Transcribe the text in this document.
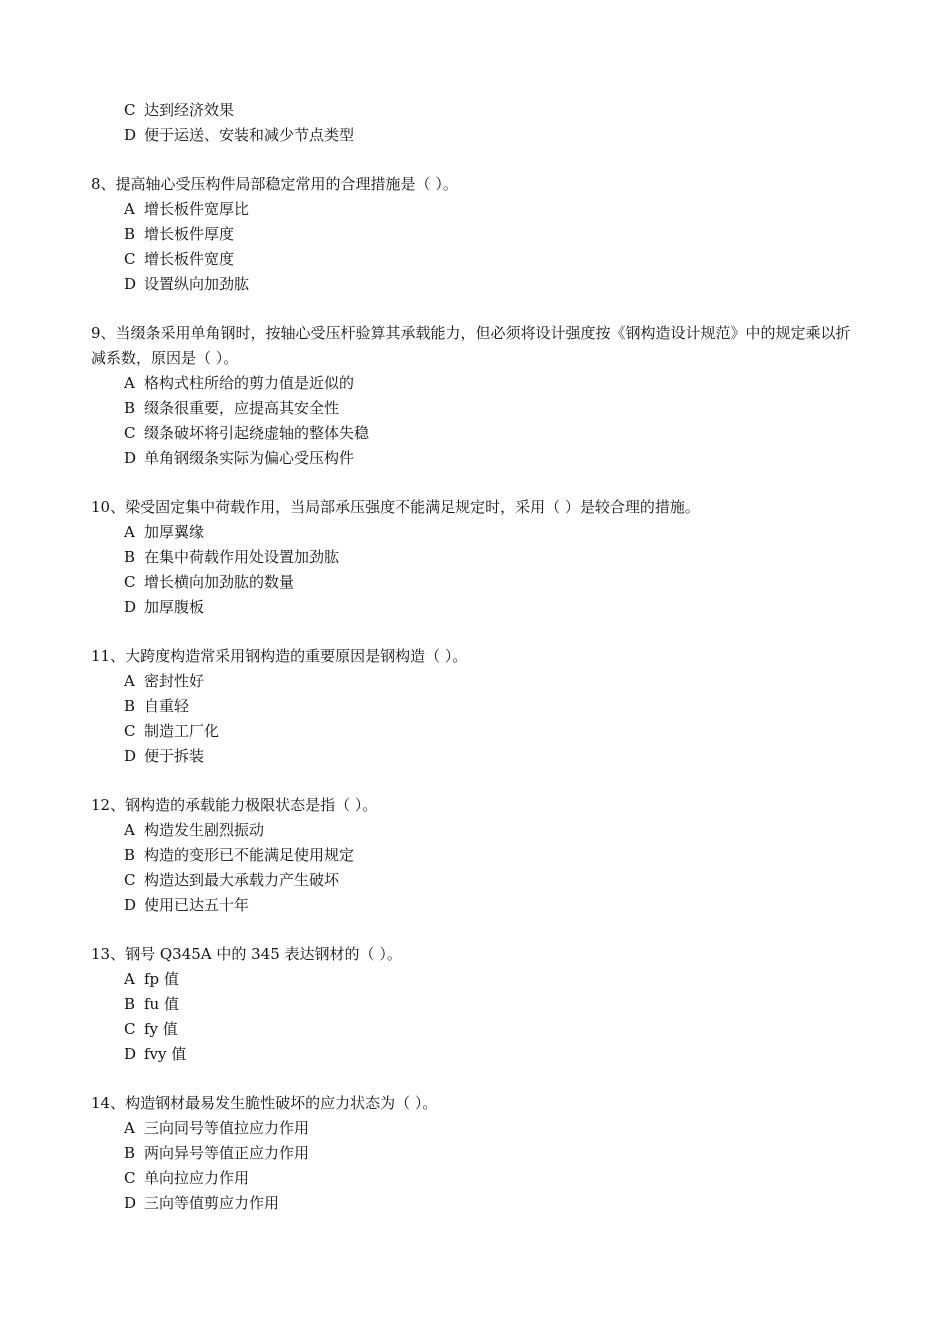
C 达到经济效果
D 便于运送、安装和减少节点类型
8、提高轴心受压构件局部稳定常用的合理措施是（ ）。
A 增长板件宽厚比
B 增长板件厚度
C 增长板件宽度
D 设置纵向加劲肱
9、当缀条采用单角钢时，按轴心受压杆验算其承载能力，但必须将设计强度按《钢构造设计规范》中的规定乘以折减系数，原因是（ ）。
A 格构式柱所给的剪力值是近似的
B 缀条很重要，应提高其安全性
C 缀条破坏将引起绕虚轴的整体失稳
D 单角钢缀条实际为偏心受压构件
10、梁受固定集中荷载作用，当局部承压强度不能满足规定时，采用（ ）是较合理的措施。
A 加厚翼缘
B 在集中荷载作用处设置加劲肱
C 增长横向加劲肱的数量
D 加厚腹板
11、大跨度构造常采用钢构造的重要原因是钢构造（ ）。
A 密封性好
B 自重轻
C 制造工厂化
D 便于拆装
12、钢构造的承载能力极限状态是指（ ）。
A 构造发生剧烈振动
B 构造的变形已不能满足使用规定
C 构造达到最大承载力产生破坏
D 使用已达五十年
13、钢号 Q345A 中的 345 表达钢材的（ ）。
A fp 值
B fu 值
C fy 值
D fvy 值
14、构造钢材最易发生脆性破坏的应力状态为（ ）。
A 三向同号等值拉应力作用
B 两向异号等值正应力作用
C 单向拉应力作用
D 三向等值剪应力作用
